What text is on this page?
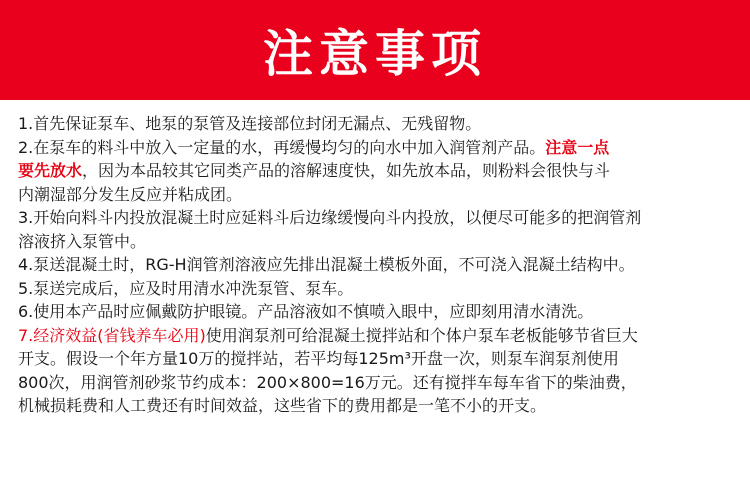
注意事项
1.首先保证泵车、地泵的泵管及连接部位封闭无漏点、无残留物。
2.在泵车的料斗中放入一定量的水，再缓慢均匀的向水中加入润管剂产品。注意一点
要先放水，因为本品较其它同类产品的溶解速度快，如先放本品，则粉料会很快与斗
内潮湿部分发生反应并粘成团。
3.开始向料斗内投放混凝土时应延料斗后边缘缓慢向斗内投放，以便尽可能多的把润管剂
溶液挤入泵管中。
4.泵送混凝土时，RG-H润管剂溶液应先排出混凝土模板外面，不可浇入混凝土结构中。
5.泵送完成后，应及时用清水冲洗泵管、泵车。
6.使用本产品时应佩戴防护眼镜。产品溶液如不慎喷入眼中，应即刻用清水清洗。
7.经济效益(省钱养车必用)使用润泵剂可给混凝土搅拌站和个体户泵车老板能够节省巨大
开支。假设一个年方量10万的搅拌站，若平均每125m³开盘一次，则泵车润泵剂使用
800次，用润管剂砂浆节约成本：200×800=16万元。还有搅拌车每车省下的柴油费，
机械损耗费和人工费还有时间效益，这些省下的费用都是一笔不小的开支。
